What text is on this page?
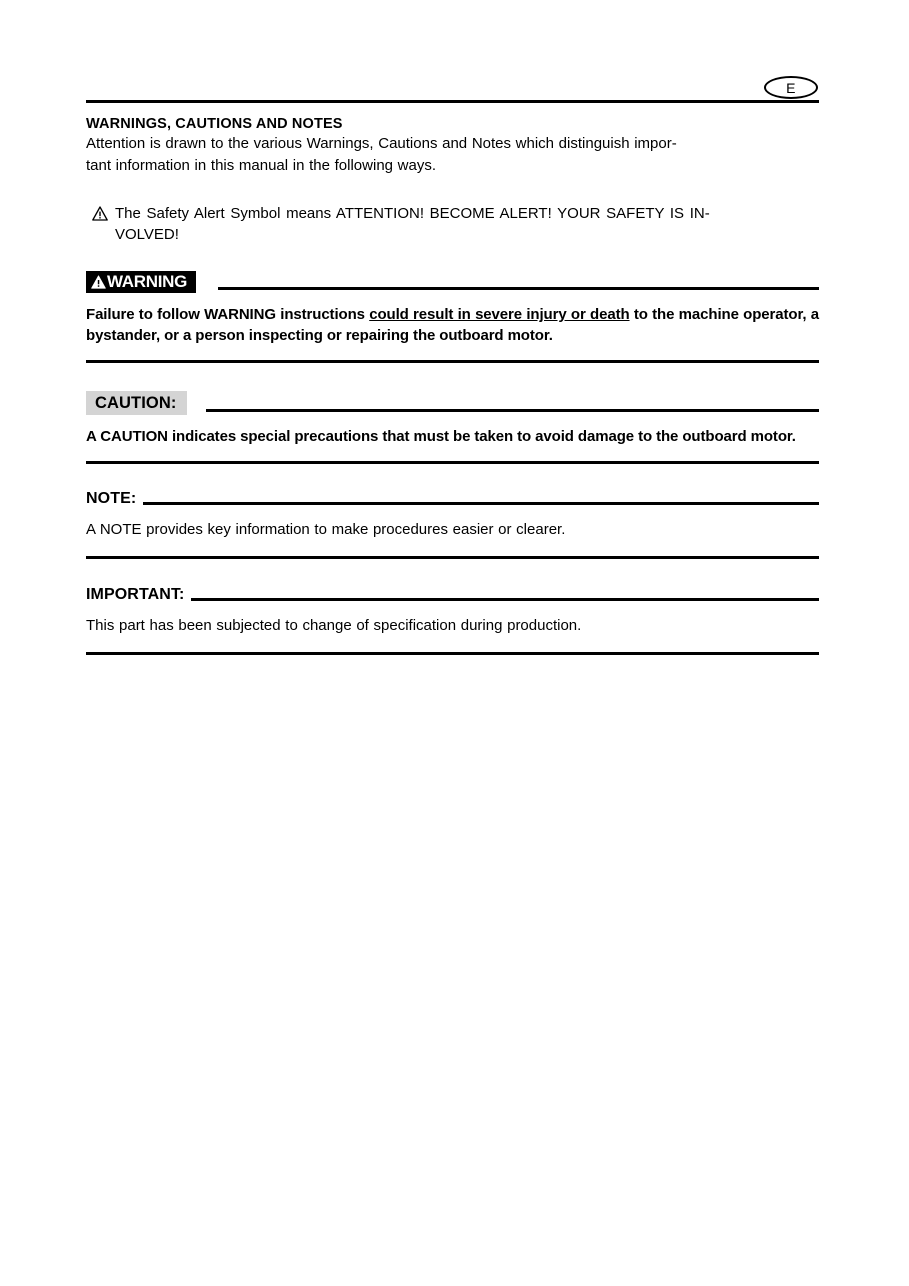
E
WARNINGS, CAUTIONS AND NOTES

Attention is drawn to the various Warnings, Cautions and Notes which distinguish impor-

tant information in this manual in the following ways.

The Safety Alert Symbol means ATTENTION! BECOME ALERT! YOUR SAFETY IS IN-
VOLVED!

WARNING

Failure to follow WARNING instructions could result in severe injury or death to the machine operator, a bystander, or a person inspecting or repairing the outboard motor.

CAUTION:

A CAUTION indicates special precautions that must be taken to avoid damage to the outboard motor.

NOTE:

A NOTE provides key information to make procedures easier or clearer.

IMPORTANT:

This part has been subjected to change of specification during production.
